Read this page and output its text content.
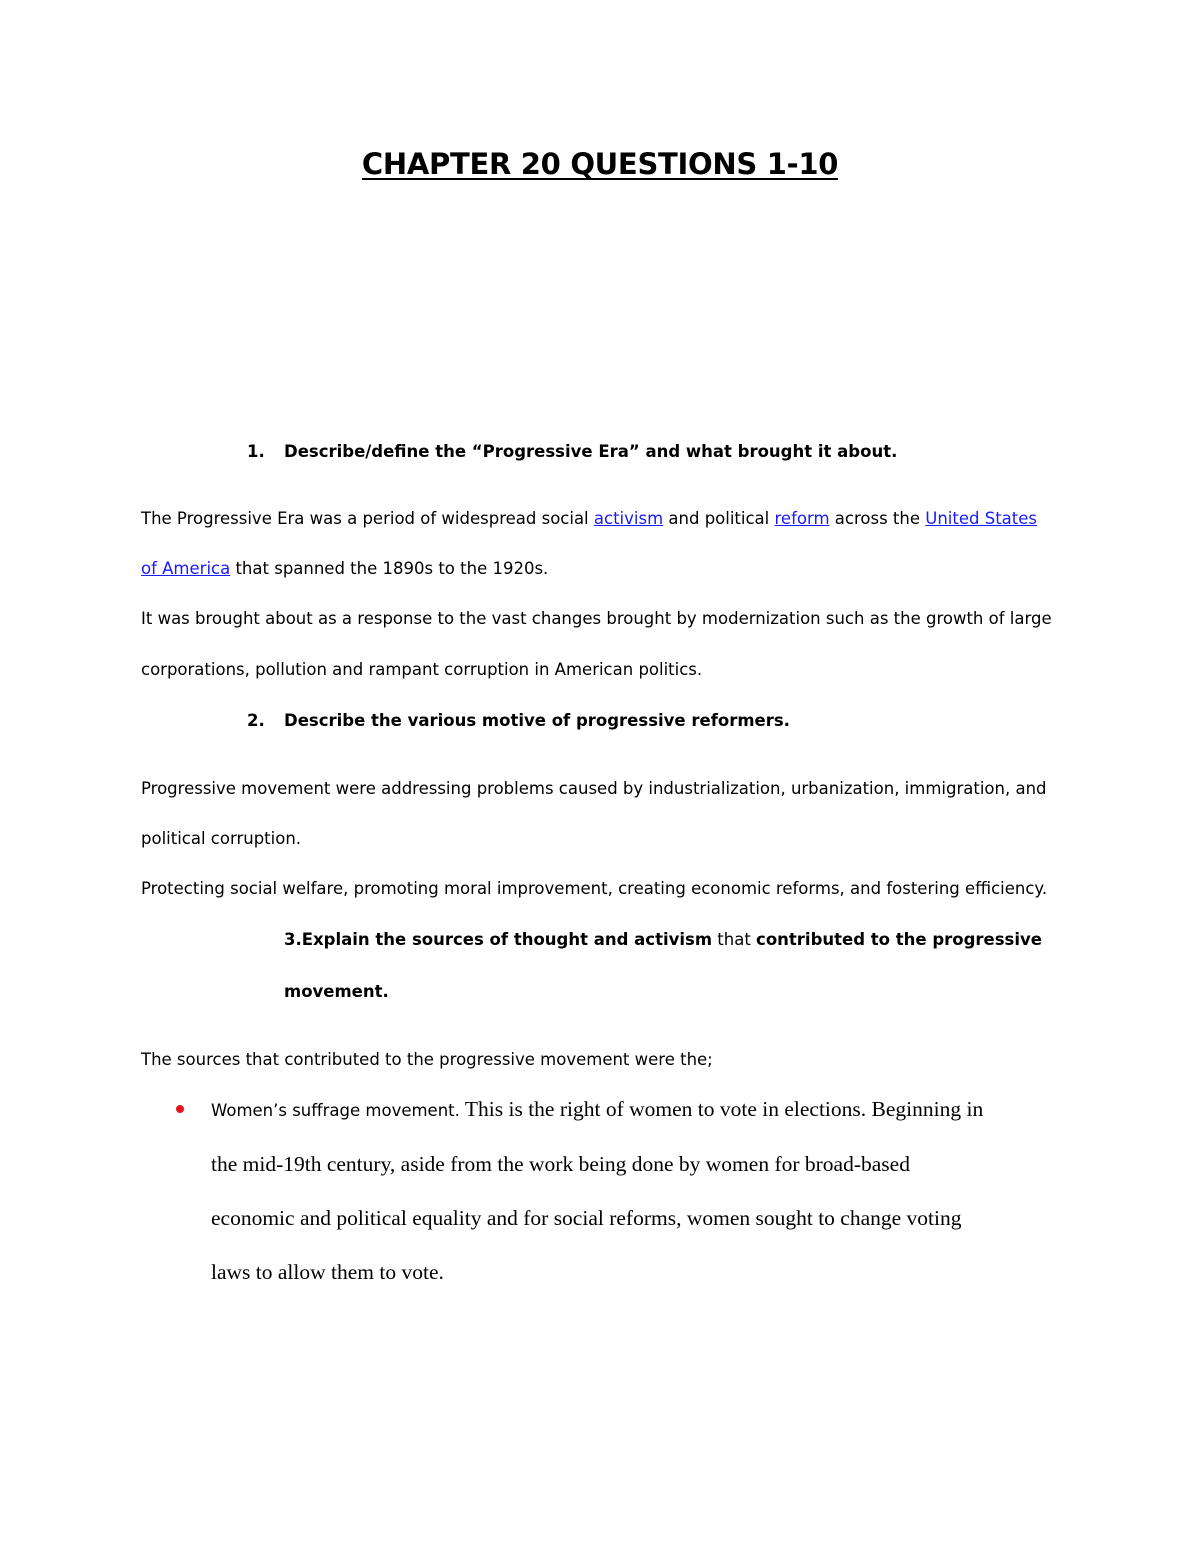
CHAPTER 20 QUESTIONS 1-10
1. Describe/define the “Progressive Era” and what brought it about.
The Progressive Era was a period of widespread social activism and political reform across the United States
of America that spanned the 1890s to the 1920s.
It was brought about as a response to the vast changes brought by modernization such as the growth of large
corporations, pollution and rampant corruption in American politics.
2. Describe the various motive of progressive reformers.
Progressive movement were addressing problems caused by industrialization, urbanization, immigration, and
political corruption.
Protecting social welfare, promoting moral improvement, creating economic reforms, and fostering efficiency.
3.Explain the sources of thought and activism that contributed to the progressive
movement.
The sources that contributed to the progressive movement were the;
Women’s suffrage movement. This is the right of women to vote in elections. Beginning in
the mid-19th century, aside from the work being done by women for broad-based
economic and political equality and for social reforms, women sought to change voting
laws to allow them to vote.
